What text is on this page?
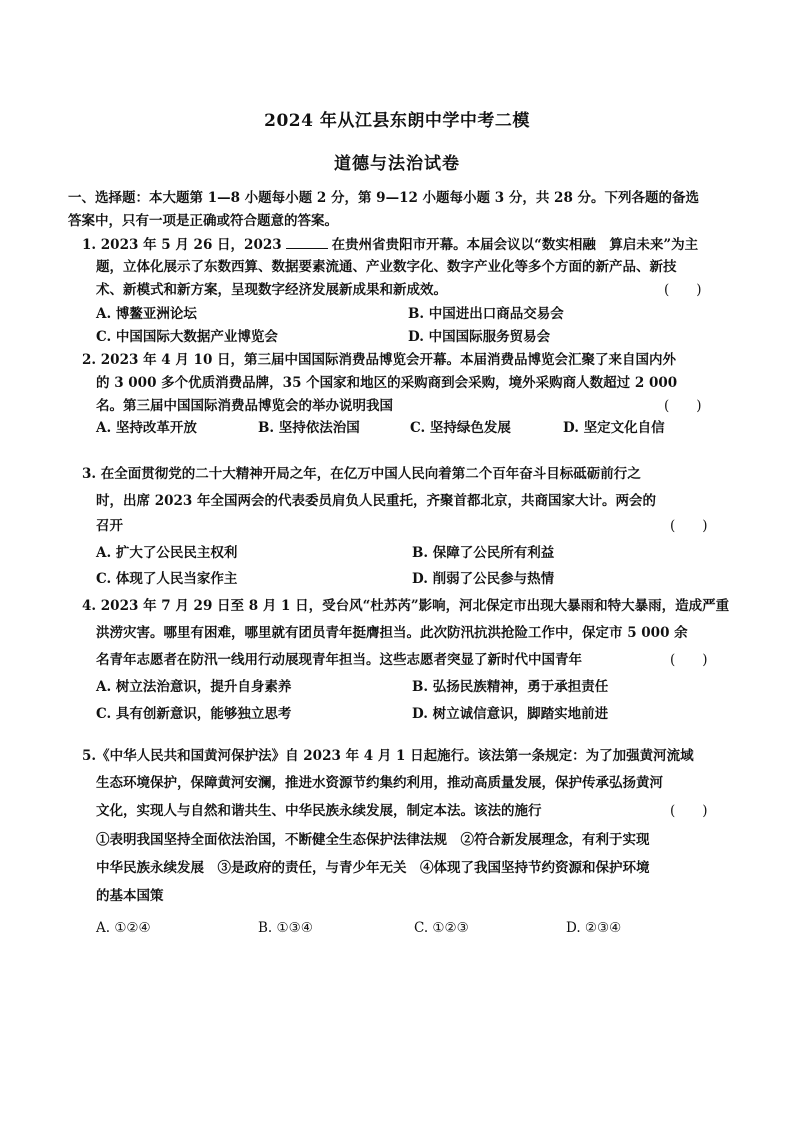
2024 年从江县东朗中学中考二模
道德与法治试卷
一、选择题：本大题第 1—8 小题每小题 2 分，第 9—12 小题每小题 3 分，共 28 分。下列各题的备选
答案中，只有一项是正确或符合题意的答案。
1. 2023 年 5 月 26 日，2023	在贵州省贵阳市开幕。本届会议以“数实相融　算启未来”为主
题，立体化展示了东数西算、数据要素流通、产业数字化、数字产业化等多个方面的新产品、新技
术、新模式和新方案，呈现数字经济发展新成果和新成效。	(　　)
A. 博鳌亚洲论坛	B. 中国进出口商品交易会
C. 中国国际大数据产业博览会	D. 中国国际服务贸易会
2. 2023 年 4 月 10 日，第三届中国国际消费品博览会开幕。本届消费品博览会汇聚了来自国内外
的 3 000 多个优质消费品牌，35 个国家和地区的采购商到会采购，境外采购商人数超过 2 000
名。第三届中国国际消费品博览会的举办说明我国	(　　)
A. 坚持改革开放	B. 坚持依法治国	C. 坚持绿色发展	D. 坚定文化自信
3. 在全面贯彻党的二十大精神开局之年，在亿万中国人民向着第二个百年奋斗目标砥砺前行之
时，出席 2023 年全国两会的代表委员肩负人民重托，齐聚首都北京，共商国家大计。两会的
召开	(　　)
A. 扩大了公民民主权利	B. 保障了公民所有利益
C. 体现了人民当家作主	D. 削弱了公民参与热情
4. 2023 年 7 月 29 日至 8 月 1 日，受台风“杜苏芮”影响，河北保定市出现大暴雨和特大暴雨，造成严重
洪涝灾害。哪里有困难，哪里就有团员青年挺膺担当。此次防汛抗洪抢险工作中，保定市 5 000 余
名青年志愿者在防汛一线用行动展现青年担当。这些志愿者突显了新时代中国青年	(　　)
A. 树立法治意识，提升自身素养	B. 弘扬民族精神，勇于承担责任
C. 具有创新意识，能够独立思考	D. 树立诚信意识，脚踏实地前进
5.《中华人民共和国黄河保护法》自 2023 年 4 月 1 日起施行。该法第一条规定：为了加强黄河流域
生态环境保护，保障黄河安澜，推进水资源节约集约利用，推动高质量发展，保护传承弘扬黄河
文化，实现人与自然和谐共生、中华民族永续发展，制定本法。该法的施行	(　　)
①表明我国坚持全面依法治国，不断健全生态保护法律法规　②符合新发展理念，有利于实现
中华民族永续发展　③是政府的责任，与青少年无关　④体现了我国坚持节约资源和保护环境
的基本国策
A. ①②④	B. ①③④	C. ①②③	D. ②③④
